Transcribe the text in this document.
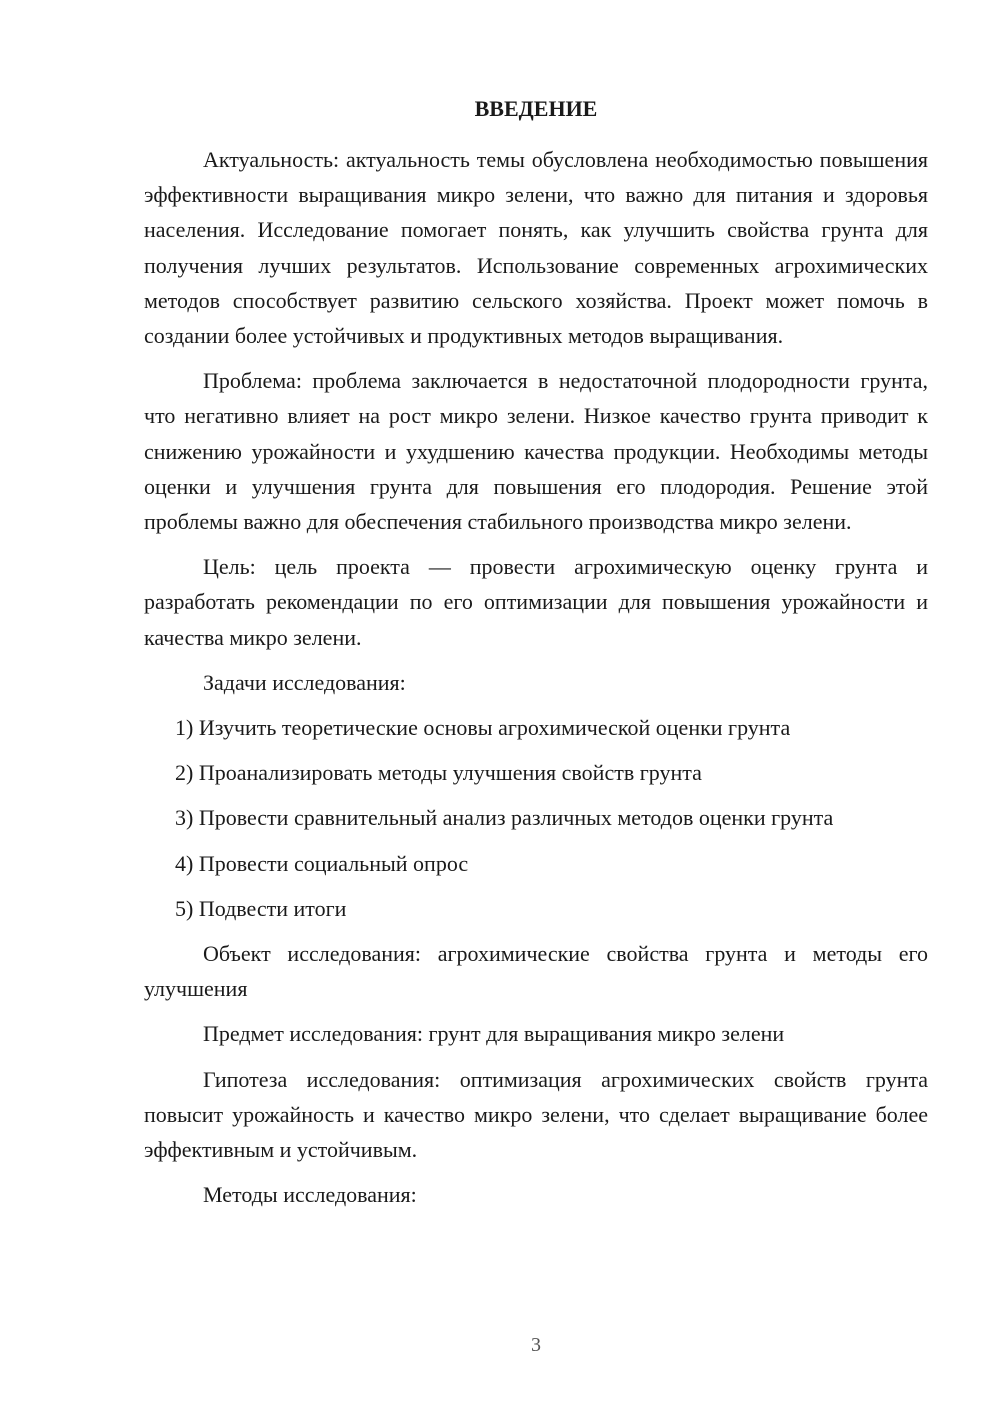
ВВЕДЕНИЕ

Актуальность: актуальность темы обусловлена необходимостью повышения эффективности выращивания микро зелени, что важно для питания и здоровья населения. Исследование помогает понять, как улучшить свойства грунта для получения лучших результатов. Использование современных агрохимических методов способствует развитию сельского хозяйства. Проект может помочь в создании более устойчивых и продуктивных методов выращивания.

Проблема: проблема заключается в недостаточной плодородности грунта, что негативно влияет на рост микро зелени. Низкое качество грунта приводит к снижению урожайности и ухудшению качества продукции. Необходимы методы оценки и улучшения грунта для повышения его плодородия. Решение этой проблемы важно для обеспечения стабильного производства микро зелени.

Цель: цель проекта — провести агрохимическую оценку грунта и разработать рекомендации по его оптимизации для повышения урожайности и качества микро зелени.

Задачи исследования:

1) Изучить теоретические основы агрохимической оценки грунта

2) Проанализировать методы улучшения свойств грунта

3) Провести сравнительный анализ различных методов оценки грунта

4) Провести социальный опрос

5) Подвести итоги

Объект исследования: агрохимические свойства грунта и методы его улучшения

Предмет исследования: грунт для выращивания микро зелени

Гипотеза исследования: оптимизация агрохимических свойств грунта повысит урожайность и качество микро зелени, что сделает выращивание более эффективным и устойчивым.

Методы исследования:

3
